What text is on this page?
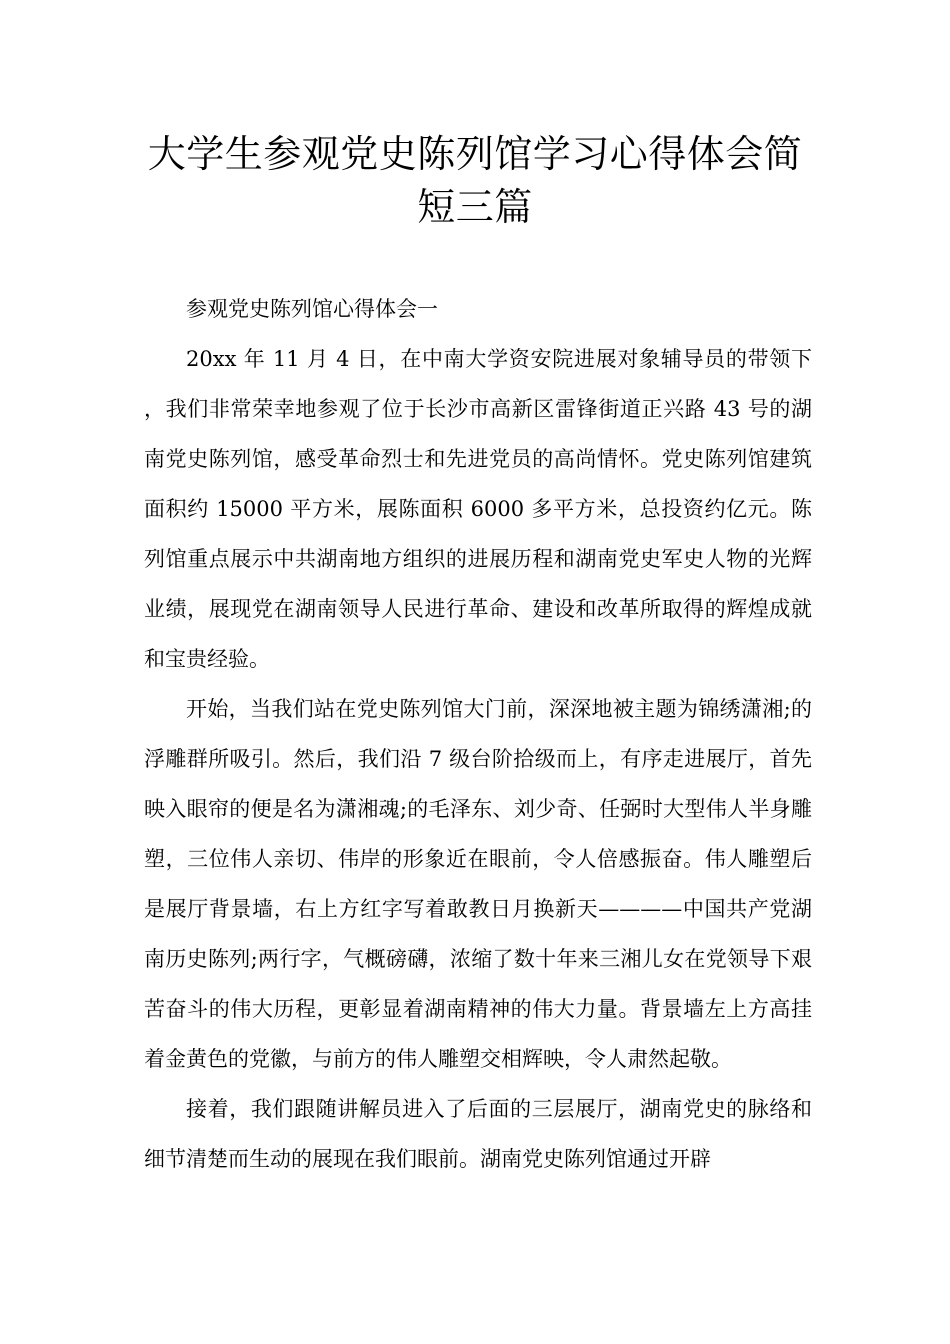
大学生参观党史陈列馆学习心得体会简
短三篇

参观党史陈列馆心得体会一

20xx 年 11 月 4 日，在中南大学资安院进展对象辅导员的带领下，我们非常荣幸地参观了位于长沙市高新区雷锋街道正兴路 43 号的湖南党史陈列馆，感受革命烈士和先进党员的高尚情怀。党史陈列馆建筑面积约 15000 平方米，展陈面积 6000 多平方米，总投资约亿元。陈列馆重点展示中共湖南地方组织的进展历程和湖南党史军史人物的光辉业绩，展现党在湖南领导人民进行革命、建设和改革所取得的辉煌成就和宝贵经验。

开始，当我们站在党史陈列馆大门前，深深地被主题为锦绣潇湘;的浮雕群所吸引。然后，我们沿 7 级台阶拾级而上，有序走进展厅，首先映入眼帘的便是名为潇湘魂;的毛泽东、刘少奇、任弼时大型伟人半身雕塑，三位伟人亲切、伟岸的形象近在眼前，令人倍感振奋。伟人雕塑后是展厅背景墙，右上方红字写着敢教日月换新天————中国共产党湖南历史陈列;两行字，气概磅礴，浓缩了数十年来三湘儿女在党领导下艰苦奋斗的伟大历程，更彰显着湖南精神的伟大力量。背景墙左上方高挂着金黄色的党徽，与前方的伟人雕塑交相辉映，令人肃然起敬。

接着，我们跟随讲解员进入了后面的三层展厅，湖南党史的脉络和细节清楚而生动的展现在我们眼前。湖南党史陈列馆通过开辟
